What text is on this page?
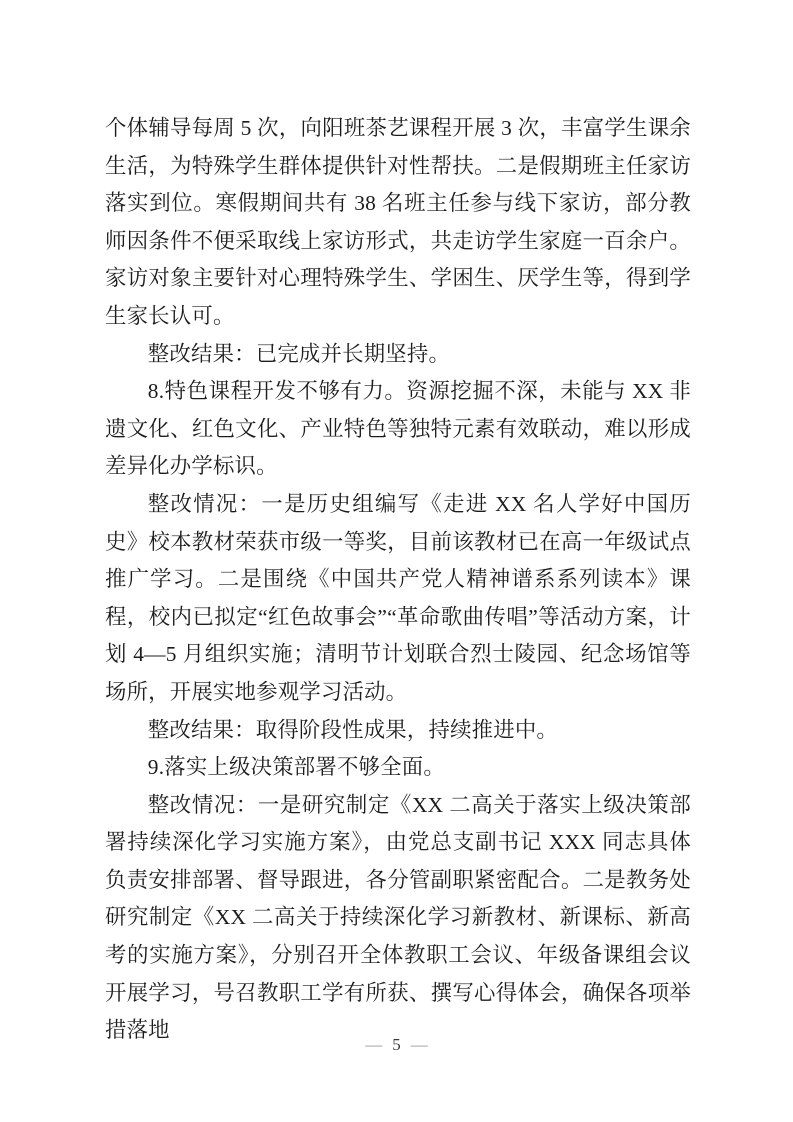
个体辅导每周 5 次，向阳班茶艺课程开展 3 次，丰富学生课余生活，为特殊学生群体提供针对性帮扶。二是假期班主任家访落实到位。寒假期间共有 38 名班主任参与线下家访，部分教师因条件不便采取线上家访形式，共走访学生家庭一百余户。家访对象主要针对心理特殊学生、学困生、厌学生等，得到学生家长认可。

整改结果：已完成并长期坚持。

8.特色课程开发不够有力。资源挖掘不深，未能与 XX 非遗文化、红色文化、产业特色等独特元素有效联动，难以形成差异化办学标识。

整改情况：一是历史组编写《走进 XX 名人学好中国历史》校本教材荣获市级一等奖，目前该教材已在高一年级试点推广学习。二是围绕《中国共产党人精神谱系系列读本》课程，校内已拟定“红色故事会”“革命歌曲传唱”等活动方案，计划 4—5 月组织实施；清明节计划联合烈士陵园、纪念场馆等场所，开展实地参观学习活动。

整改结果：取得阶段性成果，持续推进中。

9.落实上级决策部署不够全面。

整改情况：一是研究制定《XX 二高关于落实上级决策部署持续深化学习实施方案》，由党总支副书记 XXX 同志具体负责安排部署、督导跟进，各分管副职紧密配合。二是教务处研究制定《XX 二高关于持续深化学习新教材、新课标、新高考的实施方案》，分别召开全体教职工会议、年级备课组会议开展学习，号召教职工学有所获、撰写心得体会，确保各项举措落地

— 5 —
